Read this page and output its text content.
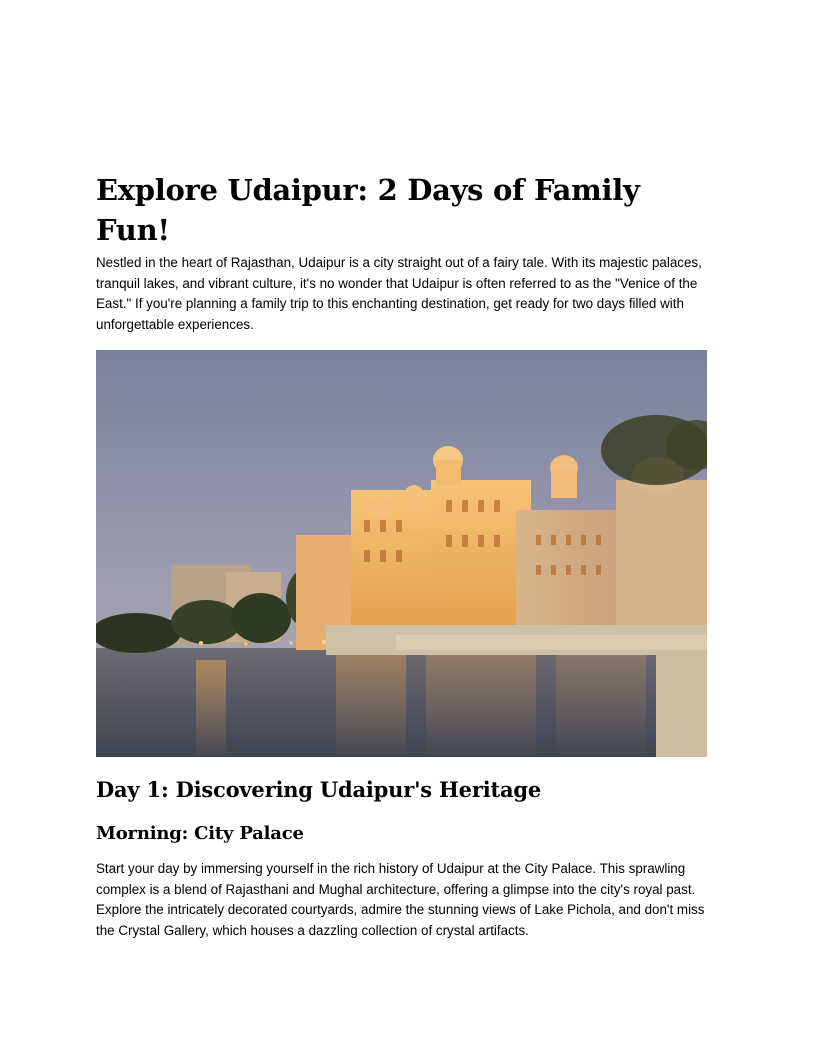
Explore Udaipur: 2 Days of Family Fun!

Nestled in the heart of Rajasthan, Udaipur is a city straight out of a fairy tale. With its majestic palaces, tranquil lakes, and vibrant culture, it's no wonder that Udaipur is often referred to as the "Venice of the East." If you're planning a family trip to this enchanting destination, get ready for two days filled with unforgettable experiences.

Day 1: Discovering Udaipur's Heritage
Morning: City Palace

Start your day by immersing yourself in the rich history of Udaipur at the City Palace. This sprawling complex is a blend of Rajasthani and Mughal architecture, offering a glimpse into the city's royal past. Explore the intricately decorated courtyards, admire the stunning views of Lake Pichola, and don't miss the Crystal Gallery, which houses a dazzling collection of crystal artifacts.
